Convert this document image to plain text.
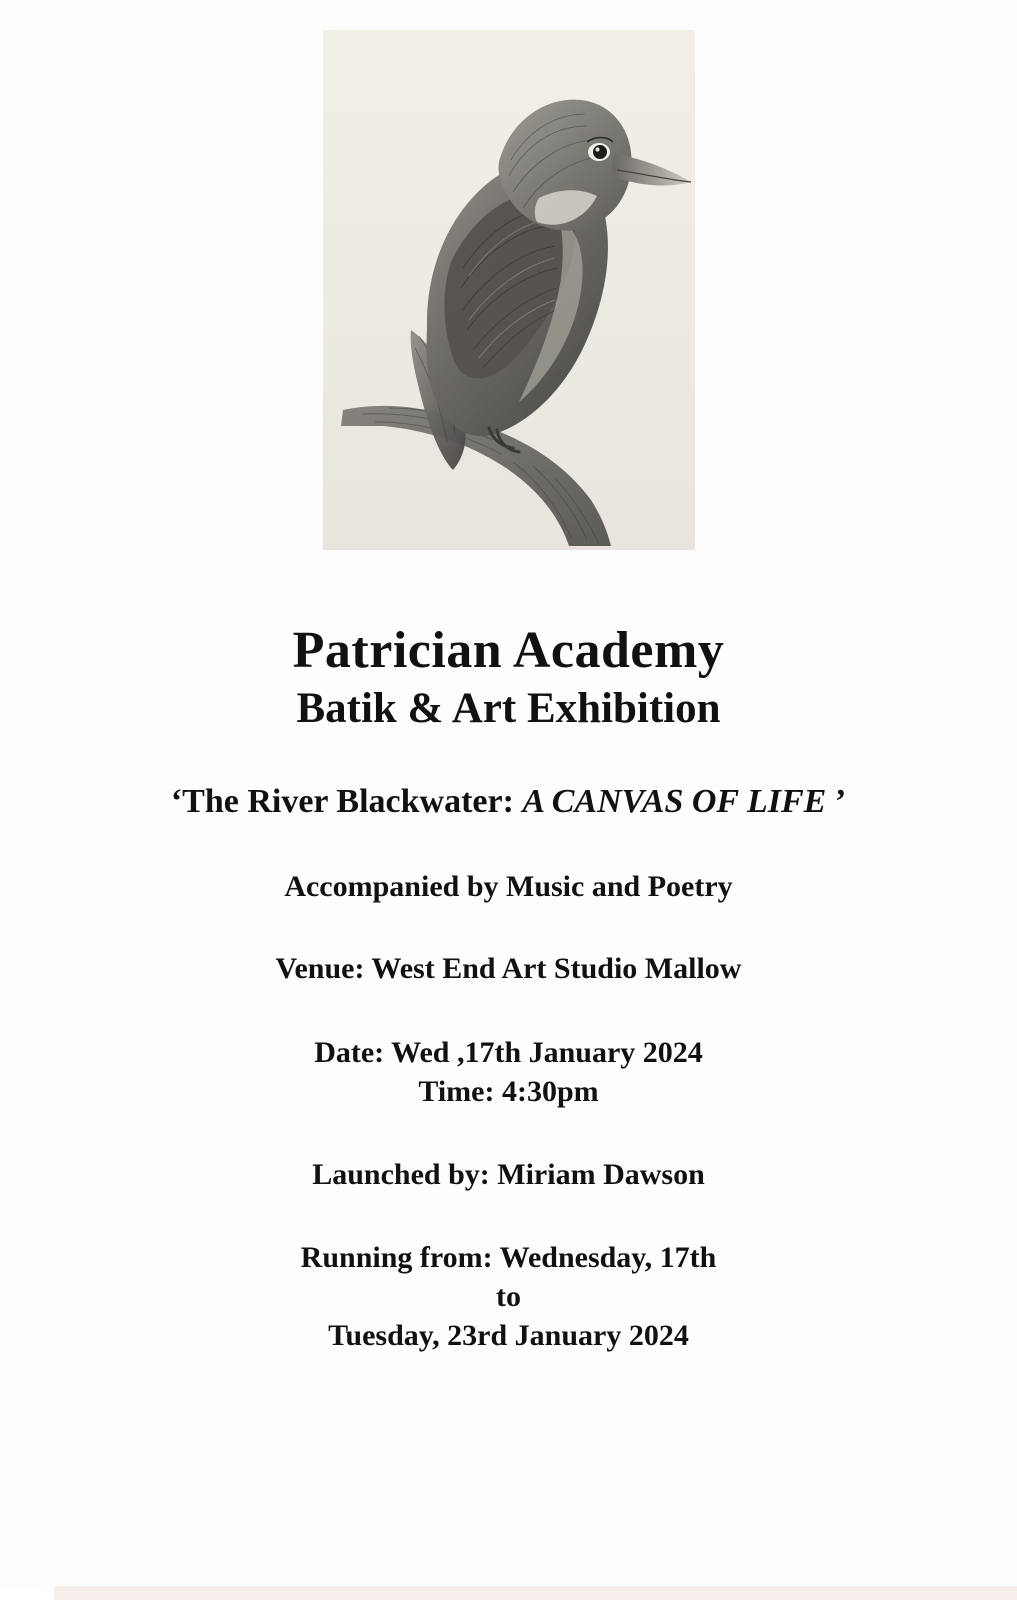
Patrician Academy
Batik & Art Exhibition
‘The River Blackwater: A CANVAS OF LIFE ’
Accompanied by Music and Poetry
Venue: West End Art Studio Mallow
Date: Wed ,17th January 2024
Time: 4:30pm
Launched by: Miriam Dawson
Running from: Wednesday, 17th
to
Tuesday, 23rd January 2024
